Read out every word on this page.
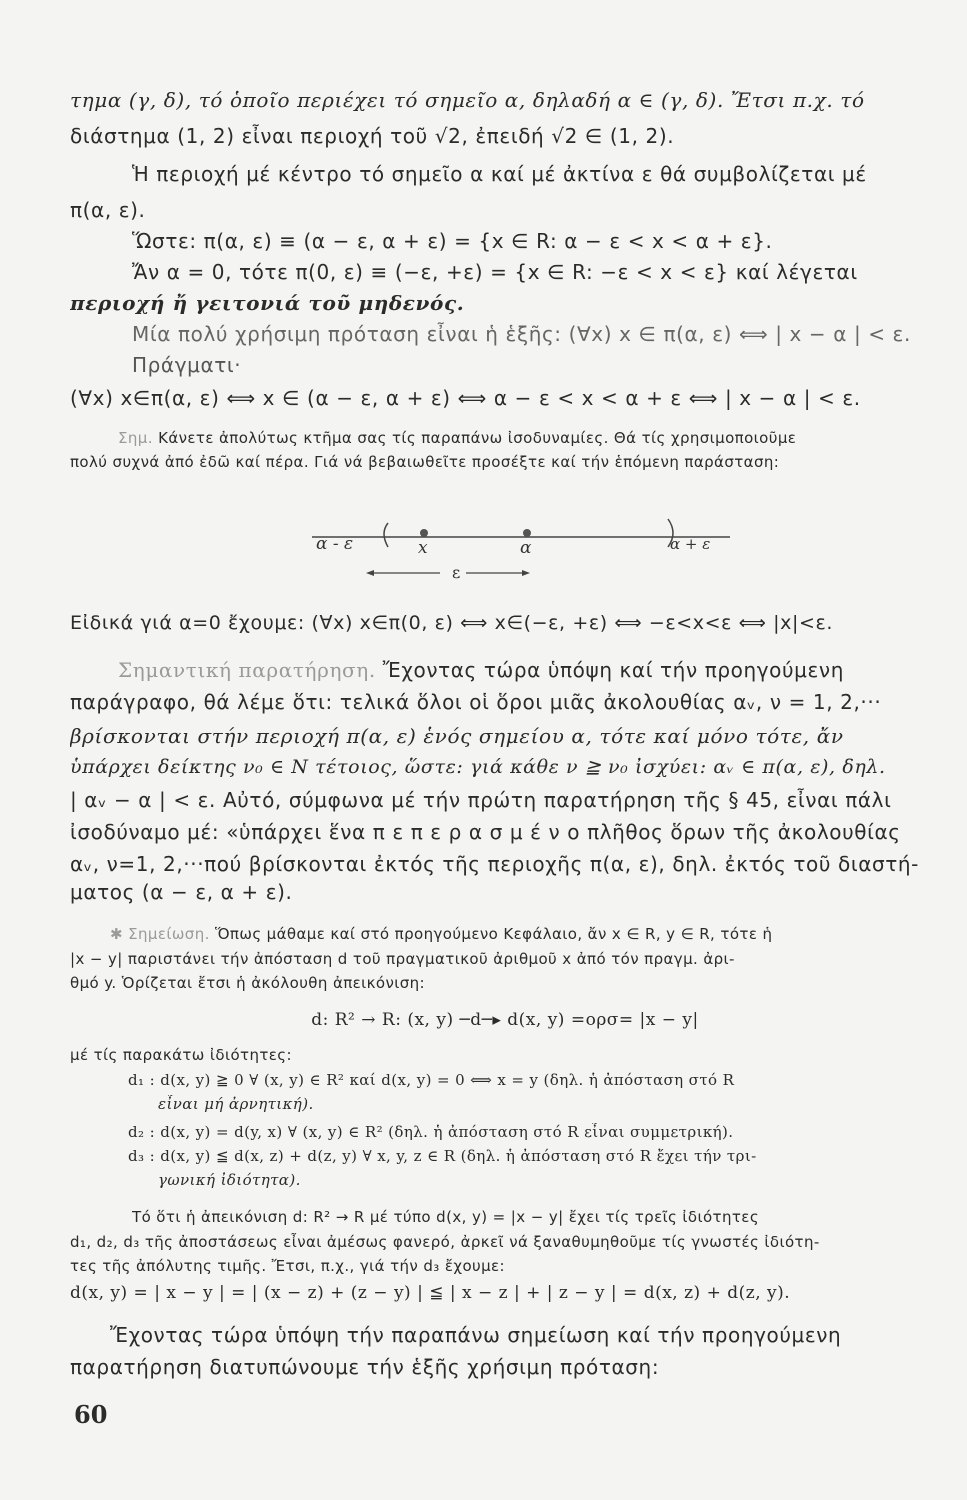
τημα (γ, δ), τό ὁποῖο περιέχει τό σημεῖο α, δηλαδή α ∈ (γ, δ). Ἔτσι π.χ. τό
διάστημα (1, 2) εἶναι περιοχή τοῦ √2, ἐπειδή √2 ∈ (1, 2).
Ἡ περιοχή μέ κέντρο τό σημεῖο α καί μέ ἀκτίνα ε θά συμβολίζεται μέ
π(α, ε).
Ὥστε: π(α, ε) ≡ (α − ε, α + ε) = {x ∈ R: α − ε < x < α + ε}.
Ἄν α = 0, τότε π(0, ε) ≡ (−ε, +ε) = {x ∈ R: −ε < x < ε} καί λέγεται
περιοχή ἤ γειτονιά τοῦ μηδενός.
Μία πολύ χρήσιμη πρόταση εἶναι ἡ ἑξῆς: (∀x) x ∈ π(α, ε) ⟺ | x − α | < ε.
Πράγματι·
(∀x) x∈π(α, ε) ⟺ x ∈ (α − ε, α + ε) ⟺ α − ε < x < α + ε ⟺ | x − α | < ε.
Σημ. Κάνετε ἀπολύτως κτῆμα σας τίς παραπάνω ἰσοδυναμίες. Θά τίς χρησιμοποιοῦμε
πολύ συχνά ἀπό ἐδῶ καί πέρα. Γιά νά βεβαιωθεῖτε προσέξτε καί τήν ἑπόμενη παράσταση:
α - ε	x	α	α + ε
ε
Εἰδικά γιά α=0 ἔχουμε: (∀x) x∈π(0, ε) ⟺ x∈(−ε, +ε) ⟺ −ε<x<ε ⟺ |x|<ε.
Σημαντική παρατήρηση. Ἔχοντας τώρα ὑπόψη καί τήν προηγούμενη
παράγραφο, θά λέμε ὅτι: τελικά ὅλοι οἱ ὅροι μιᾶς ἀκολουθίας αᵥ, ν = 1, 2,···
βρίσκονται στήν περιοχή π(α, ε) ἑνός σημείου α, τότε καί μόνο τότε, ἄν
ὑπάρχει δείκτης ν₀ ∈ N τέτοιος, ὥστε: γιά κάθε ν ≧ ν₀ ἰσχύει: αᵥ ∈ π(α, ε), δηλ.
| αᵥ − α | < ε. Αὐτό, σύμφωνα μέ τήν πρώτη παρατήρηση τῆς § 45, εἶναι πάλι
ἰσοδύναμο μέ: «ὑπάρχει ἕνα π ε π ε ρ α σ μ έ ν ο πλῆθος ὅρων τῆς ἀκολουθίας
αᵥ, ν=1, 2,···πού βρίσκονται ἐκτός τῆς περιοχῆς π(α, ε), δηλ. ἐκτός τοῦ διαστή-
ματος (α − ε, α + ε).
✱ Σημείωση. Ὅπως μάθαμε καί στό προηγούμενο Κεφάλαιο, ἄν x ∈ R, y ∈ R, τότε ἡ
|x − y| παριστάνει τήν ἀπόσταση d τοῦ πραγματικοῦ ἀριθμοῦ x ἀπό τόν πραγμ. ἀρι-
θμό y. Ὁρίζεται ἔτσι ἡ ἀκόλουθη ἀπεικόνιση:
d: R² → R: (x, y) ─d─▸ d(x, y) =ορσ= |x − y|
μέ τίς παρακάτω ἰδιότητες:
d₁ : d(x, y) ≧ 0 ∀ (x, y) ∈ R² καί d(x, y) = 0 ⟺ x = y (δηλ. ἡ ἀπόσταση στό R
εἶναι μή ἀρνητική).
d₂ : d(x, y) = d(y, x) ∀ (x, y) ∈ R² (δηλ. ἡ ἀπόσταση στό R εἶναι συμμετρική).
d₃ : d(x, y) ≦ d(x, z) + d(z, y) ∀ x, y, z ∈ R (δηλ. ἡ ἀπόσταση στό R ἔχει τήν τρι-
γωνική ἰδιότητα).
Τό ὅτι ἡ ἀπεικόνιση d: R² → R μέ τύπο d(x, y) = |x − y| ἔχει τίς τρεῖς ἰδιότητες
d₁, d₂, d₃ τῆς ἀποστάσεως εἶναι ἀμέσως φανερό, ἀρκεῖ νά ξαναθυμηθοῦμε τίς γνωστές ἰδιότη-
τες τῆς ἀπόλυτης τιμῆς. Ἔτσι, π.χ., γιά τήν d₃ ἔχουμε:
d(x, y) = | x − y | = | (x − z) + (z − y) | ≦ | x − z | + | z − y | = d(x, z) + d(z, y).
Ἔχοντας τώρα ὑπόψη τήν παραπάνω σημείωση καί τήν προηγούμενη
παρατήρηση διατυπώνουμε τήν ἑξῆς χρήσιμη πρόταση:
60
